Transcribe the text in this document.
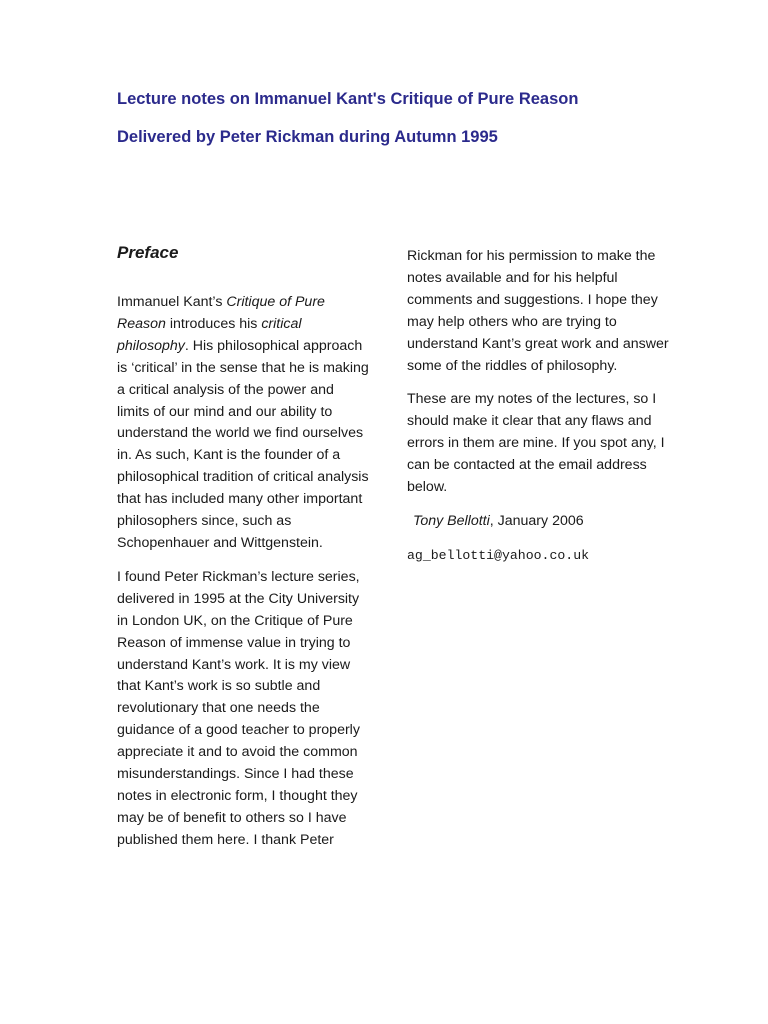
Lecture notes on Immanuel Kant's Critique of Pure Reason
Delivered by Peter Rickman during Autumn 1995
Preface

Immanuel Kant’s Critique of Pure Reason introduces his critical philosophy. His philosophical approach is ‘critical’ in the sense that he is making a critical analysis of the power and limits of our mind and our ability to understand the world we find ourselves in. As such, Kant is the founder of a philosophical tradition of critical analysis that has included many other important philosophers since, such as Schopenhauer and Wittgenstein.

I found Peter Rickman’s lecture series, delivered in 1995 at the City University in London UK, on the Critique of Pure Reason of immense value in trying to understand Kant’s work. It is my view that Kant’s work is so subtle and revolutionary that one needs the guidance of a good teacher to properly appreciate it and to avoid the common misunderstandings. Since I had these notes in electronic form, I thought they may be of benefit to others so I have published them here. I thank Peter

Rickman for his permission to make the notes available and for his helpful comments and suggestions. I hope they may help others who are trying to understand Kant’s great work and answer some of the riddles of philosophy.

These are my notes of the lectures, so I should make it clear that any flaws and errors in them are mine. If you spot any, I can be contacted at the email address below.

Tony Bellotti, January 2006

ag_bellotti@yahoo.co.uk
